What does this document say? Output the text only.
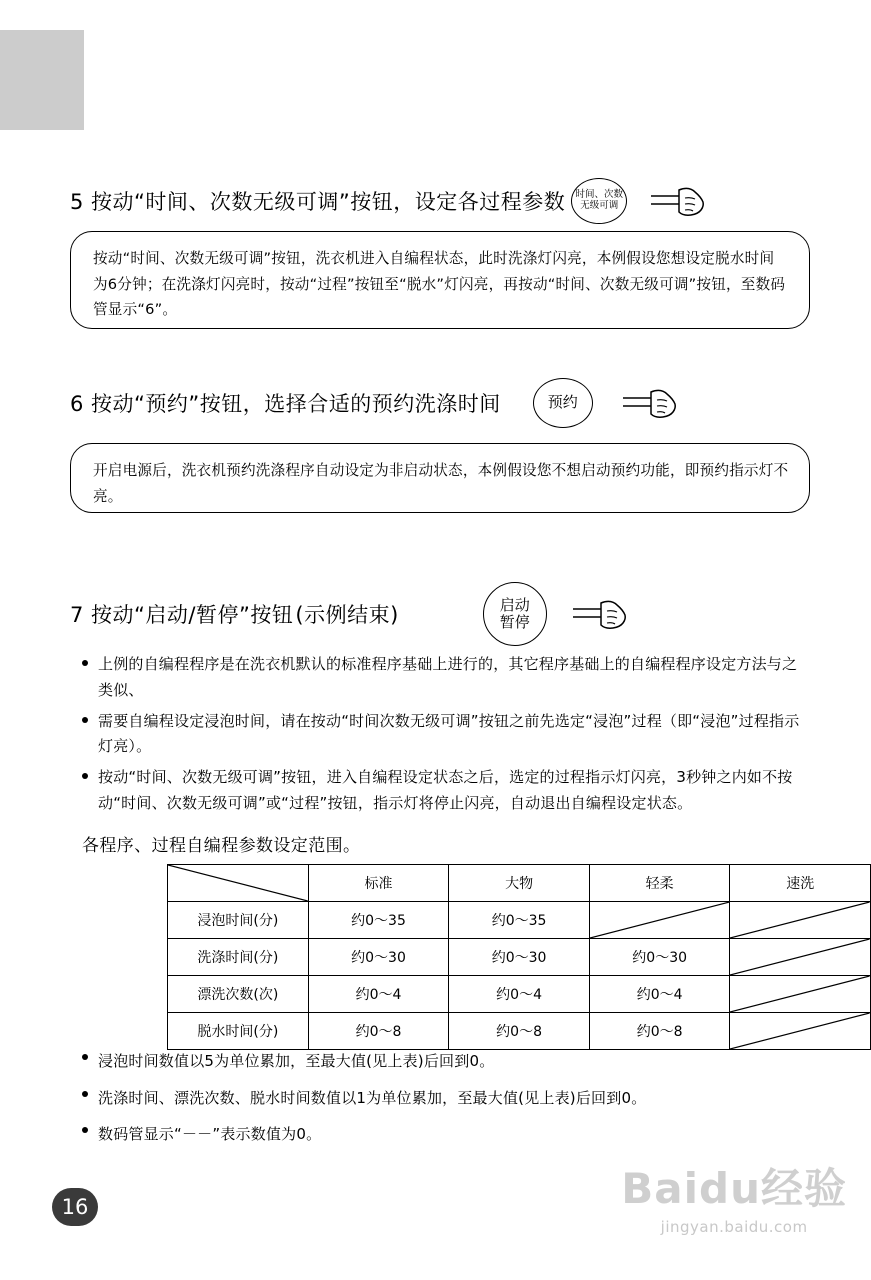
5 按动“时间、次数无级可调”按钮，设定各过程参数 时间、次数
无级可调
按动“时间、次数无级可调”按钮，洗衣机进入自编程状态，此时洗涤灯闪亮，本例假设您想设定脱水时间为6分钟；在洗涤灯闪亮时，按动“过程”按钮至“脱水”灯闪亮，再按动“时间、次数无级可调”按钮，至数码管显示“6”。
6 按动“预约”按钮，选择合适的预约洗涤时间	预约
开启电源后，洗衣机预约洗涤程序自动设定为非启动状态，本例假设您不想启动预约功能，即预约指示灯不亮。
7 按动“启动/暂停”按钮 (示例结束)	启动
暂停
上例的自编程程序是在洗衣机默认的标准程序基础上进行的，其它程序基础上的自编程程序设定方法与之类似、
需要自编程设定浸泡时间，请在按动“时间次数无级可调”按钮之前先选定“浸泡”过程（即“浸泡”过程指示灯亮）。
按动“时间、次数无级可调”按钮，进入自编程设定状态之后，选定的过程指示灯闪亮，3秒钟之内如不按动“时间、次数无级可调”或“过程”按钮，指示灯将停止闪亮，自动退出自编程设定状态。
各程序、过程自编程参数设定范围。
	标准	大物	轻柔	速洗
浸泡时间(分)	约0～35	约0～35	

洗涤时间(分)	约0～30	约0～30	约0～30	

漂洗次数(次)	约0～4	约0～4	约0～4	

脱水时间(分)	约0～8	约0～8	约0～8	
浸泡时间数值以5为单位累加，至最大值(见上表)后回到0。
洗涤时间、漂洗次数、脱水时间数值以1为单位累加，至最大值(见上表)后回到0。
数码管显示“－－”表示数值为0。
16	Baidu经验
jingyan.baidu.com
